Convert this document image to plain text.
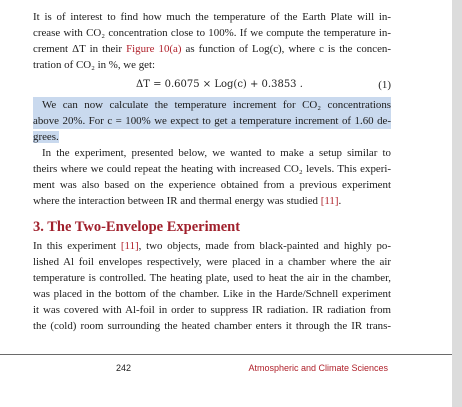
It is of interest to find how much the temperature of the Earth Plate will in-
crease with CO₂ concentration close to 100%. If we compute the temperature in-
crement ΔT in their Figure 10(a) as function of Log(c), where c is the concen-
tration of CO₂ in %, we get:
ΔT = 0.6075 × Log(c) + 0.3853 .	(1)
We can now calculate the temperature increment for CO₂ concentrations
above 20%. For c = 100% we expect to get a temperature increment of 1.60 de-
grees.
In the experiment, presented below, we wanted to make a setup similar to
theirs where we could repeat the heating with increased CO₂ levels. This experi-
ment was also based on the experience obtained from a previous experiment
where the interaction between IR and thermal energy was studied [11].
3. The Two-Envelope Experiment
In this experiment [11], two objects, made from black-painted and highly po-
lished Al foil envelopes respectively, were placed in a chamber where the air
temperature is controlled. The heating plate, used to heat the air in the chamber,
was placed in the bottom of the chamber. Like in the Harde/Schnell experiment
it was covered with Al-foil in order to suppress IR radiation. IR radiation from
the (cold) room surrounding the heated chamber enters it through the IR trans-
242	Atmospheric and Climate Sciences
